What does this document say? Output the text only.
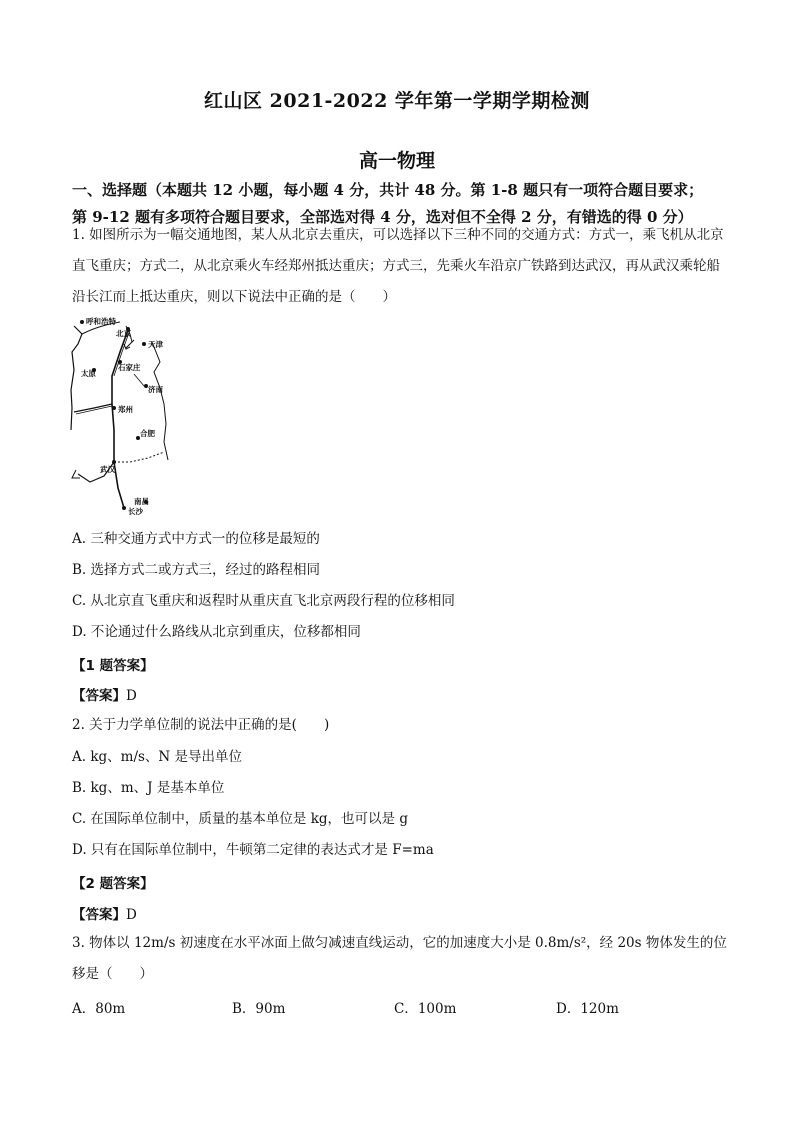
红山区 2021-2022 学年第一学期学期检测
高一物理
一、选择题（本题共 12 小题，每小题 4 分，共计 48 分。第 1-8 题只有一项符合题目要求；
第 9-12 题有多项符合题目要求，全部选对得 4 分，选对但不全得 2 分，有错选的得 0 分）
1. 如图所示为一幅交通地图，某人从北京去重庆，可以选择以下三种不同的交通方式：方式一，乘飞机从北京直飞重庆；方式二，从北京乘火车经郑州抵达重庆；方式三，先乘火车沿京广铁路到达武汉，再从武汉乘轮船沿长江而上抵达重庆，则以下说法中正确的是（　　）
呼和浩特
北京
天津
太原
石家庄
济南
郑州
合肥
武汉
南昌
长沙
A. 三种交通方式中方式一的位移是最短的
B. 选择方式二或方式三，经过的路程相同
C. 从北京直飞重庆和返程时从重庆直飞北京两段行程的位移相同
D. 不论通过什么路线从北京到重庆，位移都相同
【1 题答案】
【答案】D
2. 关于力学单位制的说法中正确的是(　　)
A. kg、m/s、N 是导出单位
B. kg、m、J 是基本单位
C. 在国际单位制中，质量的基本单位是 kg，也可以是 g
D. 只有在国际单位制中，牛顿第二定律的表达式才是 F=ma
【2 题答案】
【答案】D
3. 物体以 12m/s 初速度在水平冰面上做匀减速直线运动，它的加速度大小是 0.8m/s²，经 20s 物体发生的位移是（　　）
A．80m	B．90m	C．100m	D．120m
